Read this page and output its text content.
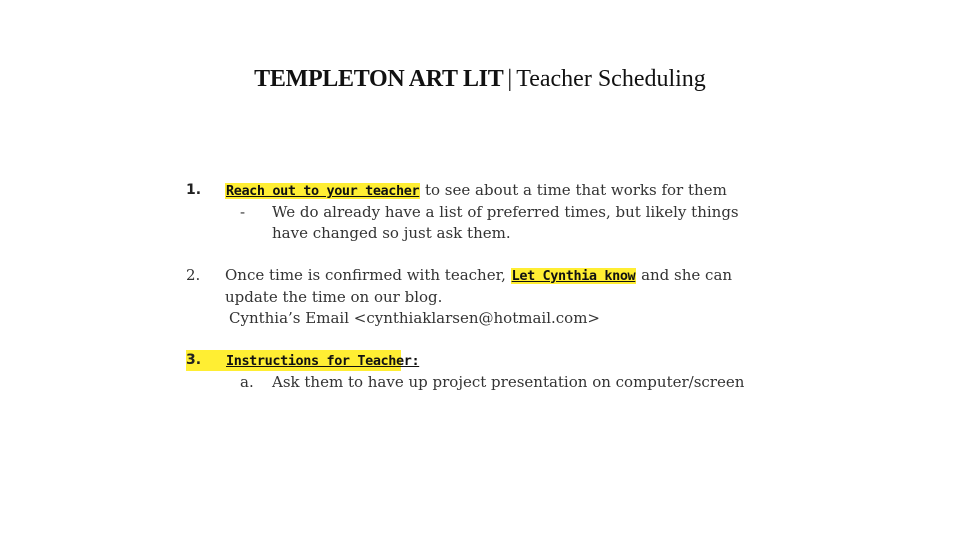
TEMPLETON ART LIT | Teacher Scheduling
1. Reach out to your teacher to see about a time that works for them
- We do already have a list of preferred times, but likely things
have changed so just ask them.
2. Once time is confirmed with teacher, Let Cynthia know and she can
update the time on our blog.
Cynthia’s Email <cynthiaklarsen@hotmail.com>
3. Instructions for Teacher:
a. Ask them to have up project presentation on computer/screen
